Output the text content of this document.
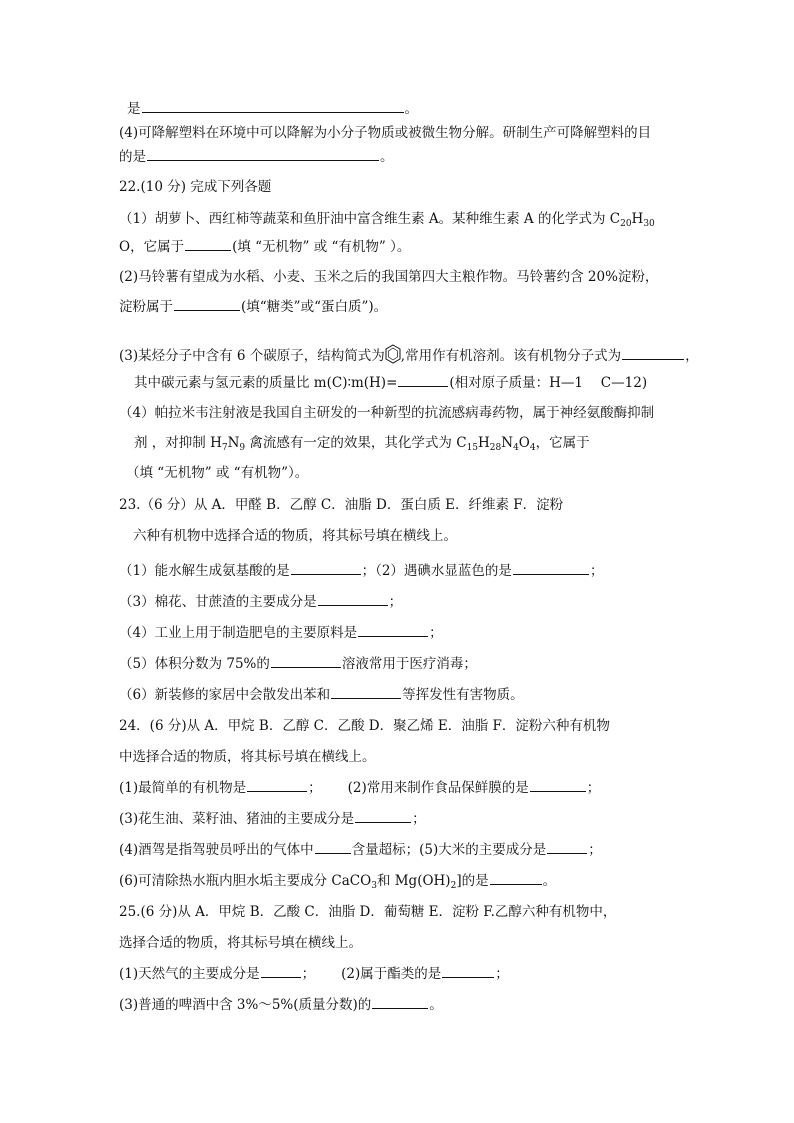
是	。
(4)可降解塑料在环境中可以降解为小分子物质或被微生物分解。研制生产可降解塑料的目
的是	。
22.(10 分) 完成下列各题
（1）胡萝卜、西红柿等蔬菜和鱼肝油中富含维生素 A。某种维生素 A 的化学式为 $C_{20}H_{30}$
O，它属于	(填 “无机物” 或 “有机物” ）。
(2)马铃薯有望成为水稻、小麦、玉米之后的我国第四大主粮作物。马铃薯约含 20%淀粉，
淀粉属于	(填“糖类”或“蛋白质”)。
(3)某烃分子中含有 6 个碳原子，结构简式为 ,常用作有机溶剂。该有机物分子式为	，
其中碳元素与氢元素的质量比 m(C)∶m(H)=	(相对原子质量：H—1　 C—12)
（4）帕拉米韦注射液是我国自主研发的一种新型的抗流感病毒药物，属于神经氨酸酶抑制
剂 ，对抑制 $H_7N_9$ 禽流感有一定的效果，其化学式为 $C_{15}H_{28}N_4O_4$，它属于
（填 “无机物” 或 “有机物”）。
23.（6 分）从 A．甲醛 B．乙醇 C．油脂 D．蛋白质 E．纤维素 F．淀粉
六种有机物中选择合适的物质，将其标号填在横线上。
（1）能水解生成氨基酸的是	；（2）遇碘水显蓝色的是	；
（3）棉花、甘蔗渣的主要成分是	；
（4）工业上用于制造肥皂的主要原料是	；
（5）体积分数为 75%的	溶液常用于医疗消毒；
（6）新装修的家居中会散发出苯和	等挥发性有害物质。
24．(6 分)从 A．甲烷 B．乙醇 C．乙酸 D．聚乙烯 E．油脂 F．淀粉六种有机物
中选择合适的物质，将其标号填在横线上。
(1)最简单的有机物是	； (2)常用来制作食品保鲜膜的是	；
(3)花生油、菜籽油、猪油的主要成分是	；
(4)酒驾是指驾驶员呼出的气体中	含量超标；(5)大米的主要成分是	；
(6)可清除热水瓶内胆水垢主要成分 CaCO$_3$和 $Mg(OH)_2$]的是	。
25.(6 分)从 A．甲烷 B．乙酸 C．油脂 D．葡萄糖 E．淀粉 F.乙醇六种有机物中，
选择合适的物质，将其标号填在横线上。
(1)天然气的主要成分是	； (2)属于酯类的是	；
(3)普通的啤酒中含 3%～5%(质量分数)的	。
